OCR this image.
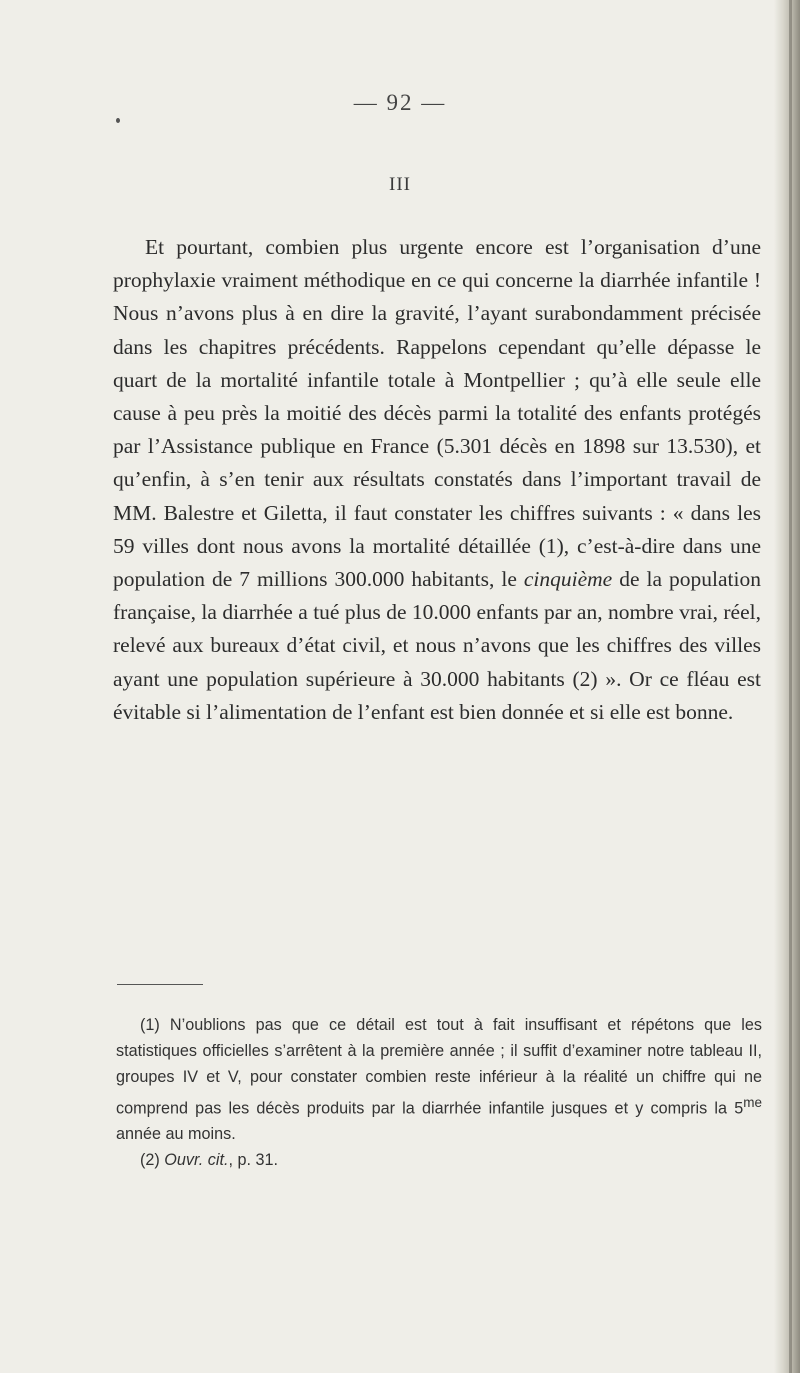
— 92 —
III

Et pourtant, combien plus urgente encore est l’organisation d’une prophylaxie vraiment méthodique en ce qui concerne la diarrhée infantile ! Nous n’avons plus à en dire la gravité, l’ayant surabondamment précisée dans les chapitres précédents. Rappelons cependant qu’elle dépasse le quart de la mortalité infantile totale à Montpellier ; qu’à elle seule elle cause à peu près la moitié des décès parmi la totalité des enfants protégés par l’Assistance publique en France (5.301 décès en 1898 sur 13.530), et qu’enfin, à s’en tenir aux résultats constatés dans l’important travail de MM. Balestre et Giletta, il faut constater les chiffres suivants : « dans les 59 villes dont nous avons la mortalité détaillée (1), c’est-à-dire dans une population de 7 millions 300.000 habitants, le cinquième de la population française, la diarrhée a tué plus de 10.000 enfants par an, nombre vrai, réel, relevé aux bureaux d’état civil, et nous n’avons que les chiffres des villes ayant une population supérieure à 30.000 habitants (2) ». Or ce fléau est évitable si l’alimentation de l’enfant est bien donnée et si elle est bonne.

(1) N’oublions pas que ce détail est tout à fait insuffisant et répétons que les statistiques officielles s’arrêtent à la première année ; il suffit d’examiner notre tableau II, groupes IV et V, pour constater combien reste inférieur à la réalité un chiffre qui ne comprend pas les décès produits par la diarrhée infantile jusques et y compris la $5^{me}$ année au moins.

(2) Ouvr. cit., p. 31.
